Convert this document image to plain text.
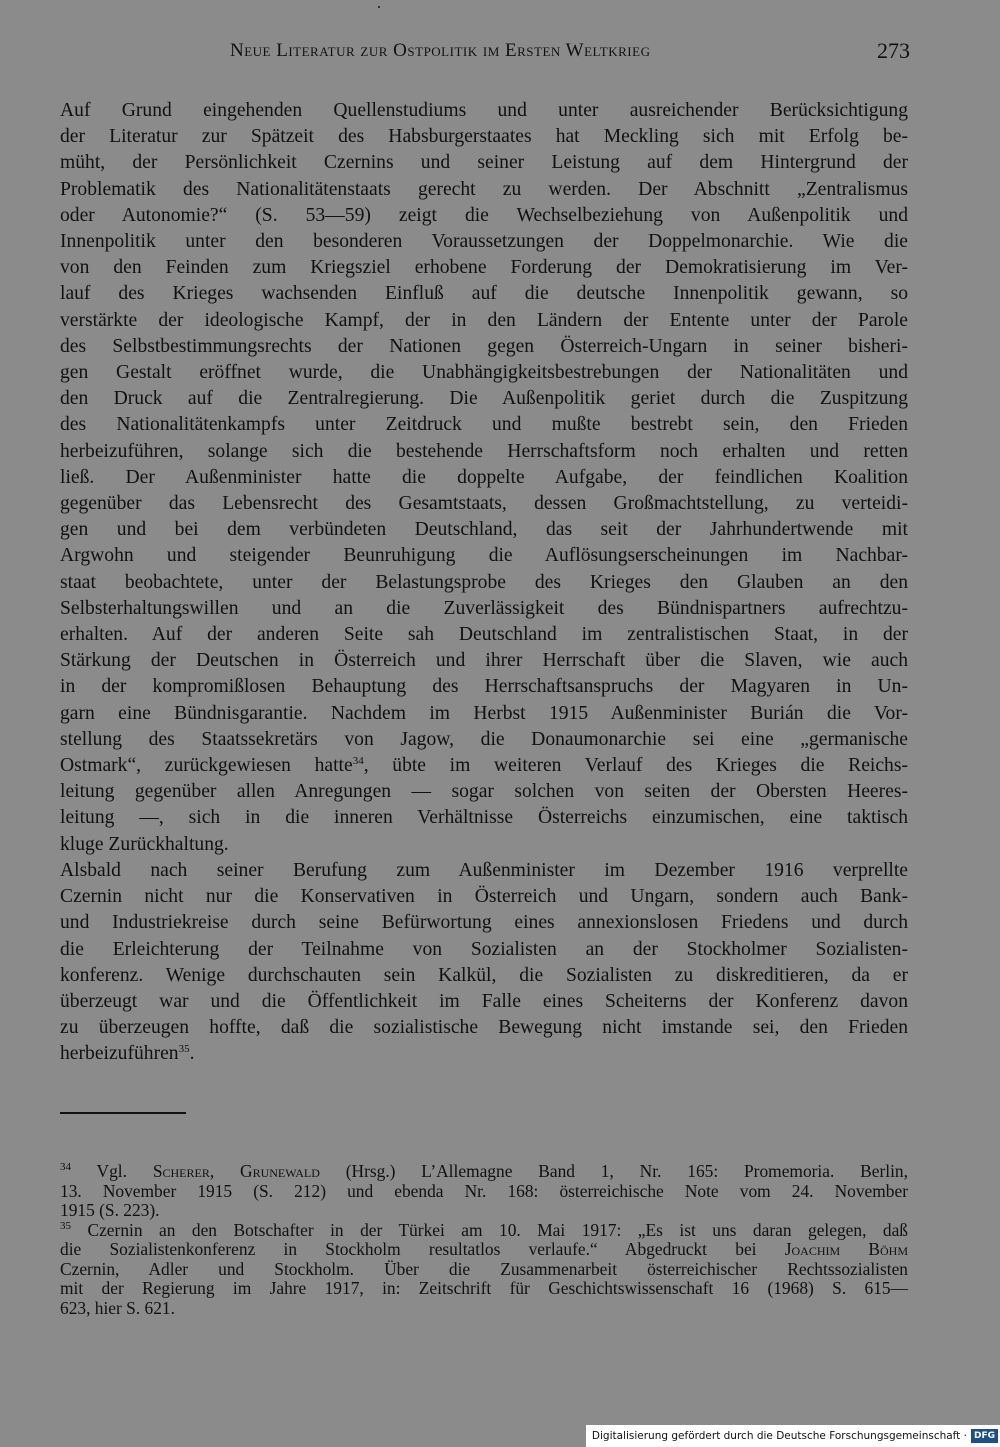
Neue Literatur zur Ostpolitik im Ersten Weltkrieg	273
Auf Grund eingehenden Quellenstudiums und unter ausreichender Berücksichtigung
der Literatur zur Spätzeit des Habsburgerstaates hat Meckling sich mit Erfolg be-
müht, der Persönlichkeit Czernins und seiner Leistung auf dem Hintergrund der
Problematik des Nationalitätenstaats gerecht zu werden. Der Abschnitt „Zentralismus
oder Autonomie?“ (S. 53—59) zeigt die Wechselbeziehung von Außenpolitik und
Innenpolitik unter den besonderen Voraussetzungen der Doppelmonarchie. Wie die
von den Feinden zum Kriegsziel erhobene Forderung der Demokratisierung im Ver-
lauf des Krieges wachsenden Einfluß auf die deutsche Innenpolitik gewann, so
verstärkte der ideologische Kampf, der in den Ländern der Entente unter der Parole
des Selbstbestimmungsrechts der Nationen gegen Österreich-Ungarn in seiner bisheri-
gen Gestalt eröffnet wurde, die Unabhängigkeitsbestrebungen der Nationalitäten und
den Druck auf die Zentralregierung. Die Außenpolitik geriet durch die Zuspitzung
des Nationalitätenkampfs unter Zeitdruck und mußte bestrebt sein, den Frieden
herbeizuführen, solange sich die bestehende Herrschaftsform noch erhalten und retten
ließ. Der Außenminister hatte die doppelte Aufgabe, der feindlichen Koalition
gegenüber das Lebensrecht des Gesamtstaats, dessen Großmachtstellung, zu verteidi-
gen und bei dem verbündeten Deutschland, das seit der Jahrhundertwende mit
Argwohn und steigender Beunruhigung die Auflösungserscheinungen im Nachbar-
staat beobachtete, unter der Belastungsprobe des Krieges den Glauben an den
Selbsterhaltungswillen und an die Zuverlässigkeit des Bündnispartners aufrechtzu-
erhalten. Auf der anderen Seite sah Deutschland im zentralistischen Staat, in der
Stärkung der Deutschen in Österreich und ihrer Herrschaft über die Slaven, wie auch
in der kompromißlosen Behauptung des Herrschaftsanspruchs der Magyaren in Un-
garn eine Bündnisgarantie. Nachdem im Herbst 1915 Außenminister Burián die Vor-
stellung des Staatssekretärs von Jagow, die Donaumonarchie sei eine „germanische
Ostmark“, zurückgewiesen hatte$^{34}$, übte im weiteren Verlauf des Krieges die Reichs-
leitung gegenüber allen Anregungen — sogar solchen von seiten der Obersten Heeres-
leitung —, sich in die inneren Verhältnisse Österreichs einzumischen, eine taktisch
kluge Zurückhaltung.
Alsbald nach seiner Berufung zum Außenminister im Dezember 1916 verprellte
Czernin nicht nur die Konservativen in Österreich und Ungarn, sondern auch Bank-
und Industriekreise durch seine Befürwortung eines annexionslosen Friedens und durch
die Erleichterung der Teilnahme von Sozialisten an der Stockholmer Sozialisten-
konferenz. Wenige durchschauten sein Kalkül, die Sozialisten zu diskreditieren, da er
überzeugt war und die Öffentlichkeit im Falle eines Scheiterns der Konferenz davon
zu überzeugen hoffte, daß die sozialistische Bewegung nicht imstande sei, den Frieden
herbeizuführen$^{35}$.
$^{34}$ Vgl. Scherer, Grunewald (Hrsg.) L’Allemagne Band 1, Nr. 165: Promemoria. Berlin,
13. November 1915 (S. 212) und ebenda Nr. 168: österreichische Note vom 24. November
1915 (S. 223).
$^{35}$ Czernin an den Botschafter in der Türkei am 10. Mai 1917: „Es ist uns daran gelegen, daß
die Sozialistenkonferenz in Stockholm resultatlos verlaufe.“ Abgedruckt bei Joachim Böhm
Czernin, Adler und Stockholm. Über die Zusammenarbeit österreichischer Rechtssozialisten
mit der Regierung im Jahre 1917, in: Zeitschrift für Geschichtswissenschaft 16 (1968) S. 615—
623, hier S. 621.
Digitalisierung gefördert durch die Deutsche Forschungsgemeinschaft · DFG
